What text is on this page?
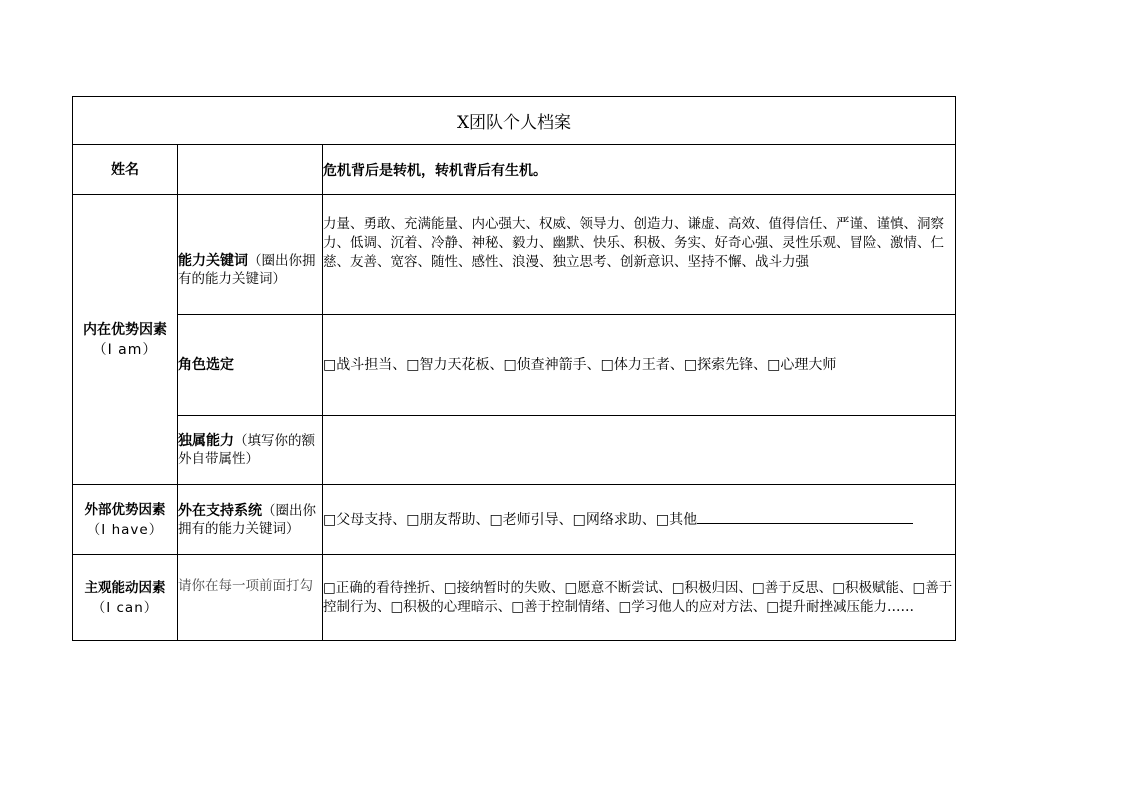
X团队个人档案		
姓名		危机背后是转机，转机背后有生机。

内在优势因素
（I am）	能力关键词（圈出你拥有的能力关键词）	力量、勇敢、充满能量、内心强大、权威、领导力、创造力、谦虚、高效、值得信任、严谨、谨慎、洞察力、低调、沉着、冷静、神秘、毅力、幽默、快乐、积极、务实、好奇心强、灵性乐观、冒险、激情、仁慈、友善、宽容、随性、感性、浪漫、独立思考、创新意识、坚持不懈、战斗力强
	角色选定	□战斗担当、□智力天花板、□侦查神箭手、□体力王者、□探索先锋、□心理大师
	独属能力（填写你的额外自带属性）	

外部优势因素
（I have）	外在支持系统（圈出你拥有的能力关键词）	□父母支持、□朋友帮助、□老师引导、□网络求助、□其他

主观能动因素
（I can）	请你在每一项前面打勾	□正确的看待挫折、□接纳暂时的失败、□愿意不断尝试、□积极归因、□善于反思、□积极赋能、□善于控制行为、□积极的心理暗示、□善于控制情绪、□学习他人的应对方法、□提升耐挫减压能力……
